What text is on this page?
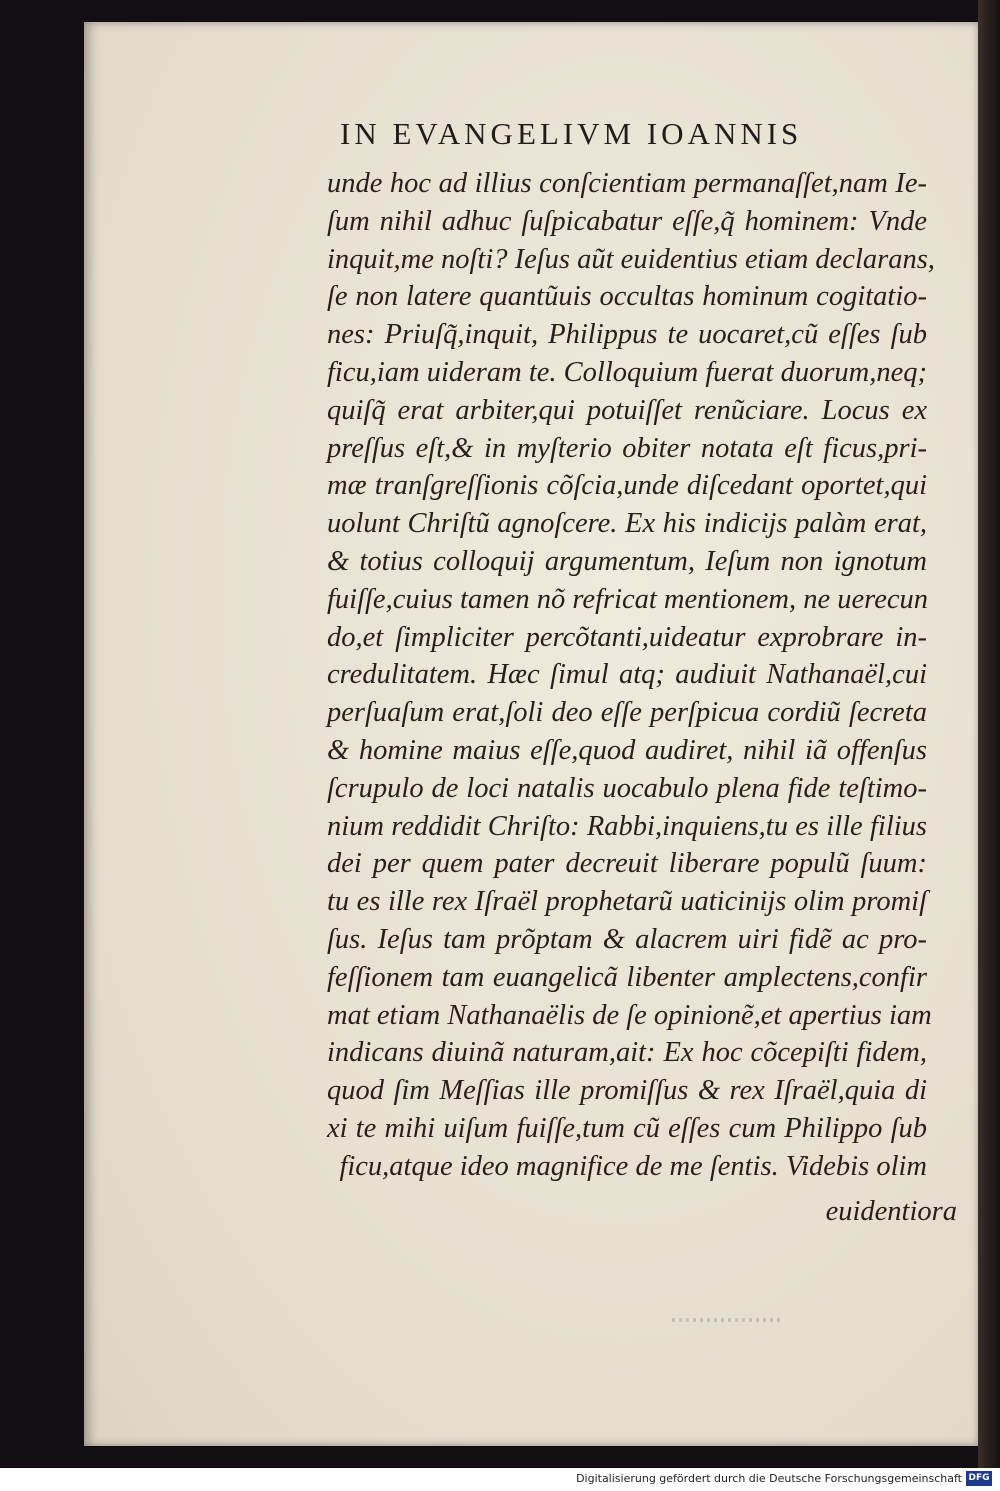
IN EVANGELIVM IOANNIS
unde hoc ad illius conſcientiam permanaſſet,nam Ie-
ſum nihil adhuc ſuſpicabatur eſſe,q̃ hominem: Vnde
inquit,me noſti? Ieſus aũt euidentius etiam declarans,
ſe non latere quantũuis occultas hominum cogitatio-
nes: Priuſq̃,inquit, Philippus te uocaret,cũ eſſes ſub
ficu,iam uideram te. Colloquium fuerat duorum,neq;
quiſq̃ erat arbiter,qui potuiſſet renũciare. Locus ex
preſſus eſt,& in myſterio obiter notata eſt ficus,pri-
mæ tranſgreſſionis cõſcia,unde diſcedant oportet,qui
uolunt Chriſtũ agnoſcere. Ex his indicijs palàm erat,
& totius colloquij argumentum, Ieſum non ignotum
fuiſſe,cuius tamen nõ refricat mentionem, ne uerecun
do,et ſimpliciter percõtanti,uideatur exprobrare in-
credulitatem. Hæc ſimul atq; audiuit Nathanaël,cui
perſuaſum erat,ſoli deo eſſe perſpicua cordiũ ſecreta
& homine maius eſſe,quod audiret, nihil iã offenſus
ſcrupulo de loci natalis uocabulo plena fide teſtimo-
nium reddidit Chriſto: Rabbi,inquiens,tu es ille filius
dei per quem pater decreuit liberare populũ ſuum:
tu es ille rex Iſraël prophetarũ uaticinijs olim promiſ
ſus. Ieſus tam prõptam & alacrem uiri fidẽ ac pro-
feſſionem tam euangelicã libenter amplectens,confir
mat etiam Nathanaëlis de ſe opinionẽ,et apertius iam
indicans diuinã naturam,ait: Ex hoc cõcepiſti fidem,
quod ſim Meſſias ille promiſſus & rex Iſraël,quia di
xi te mihi uiſum fuiſſe,tum cũ eſſes cum Philippo ſub
ficu,atque ideo magnifice de me ſentis. Videbis olim
euidentiora
Digitalisierung gefördert durch die Deutsche Forschungsgemeinschaft DFG
